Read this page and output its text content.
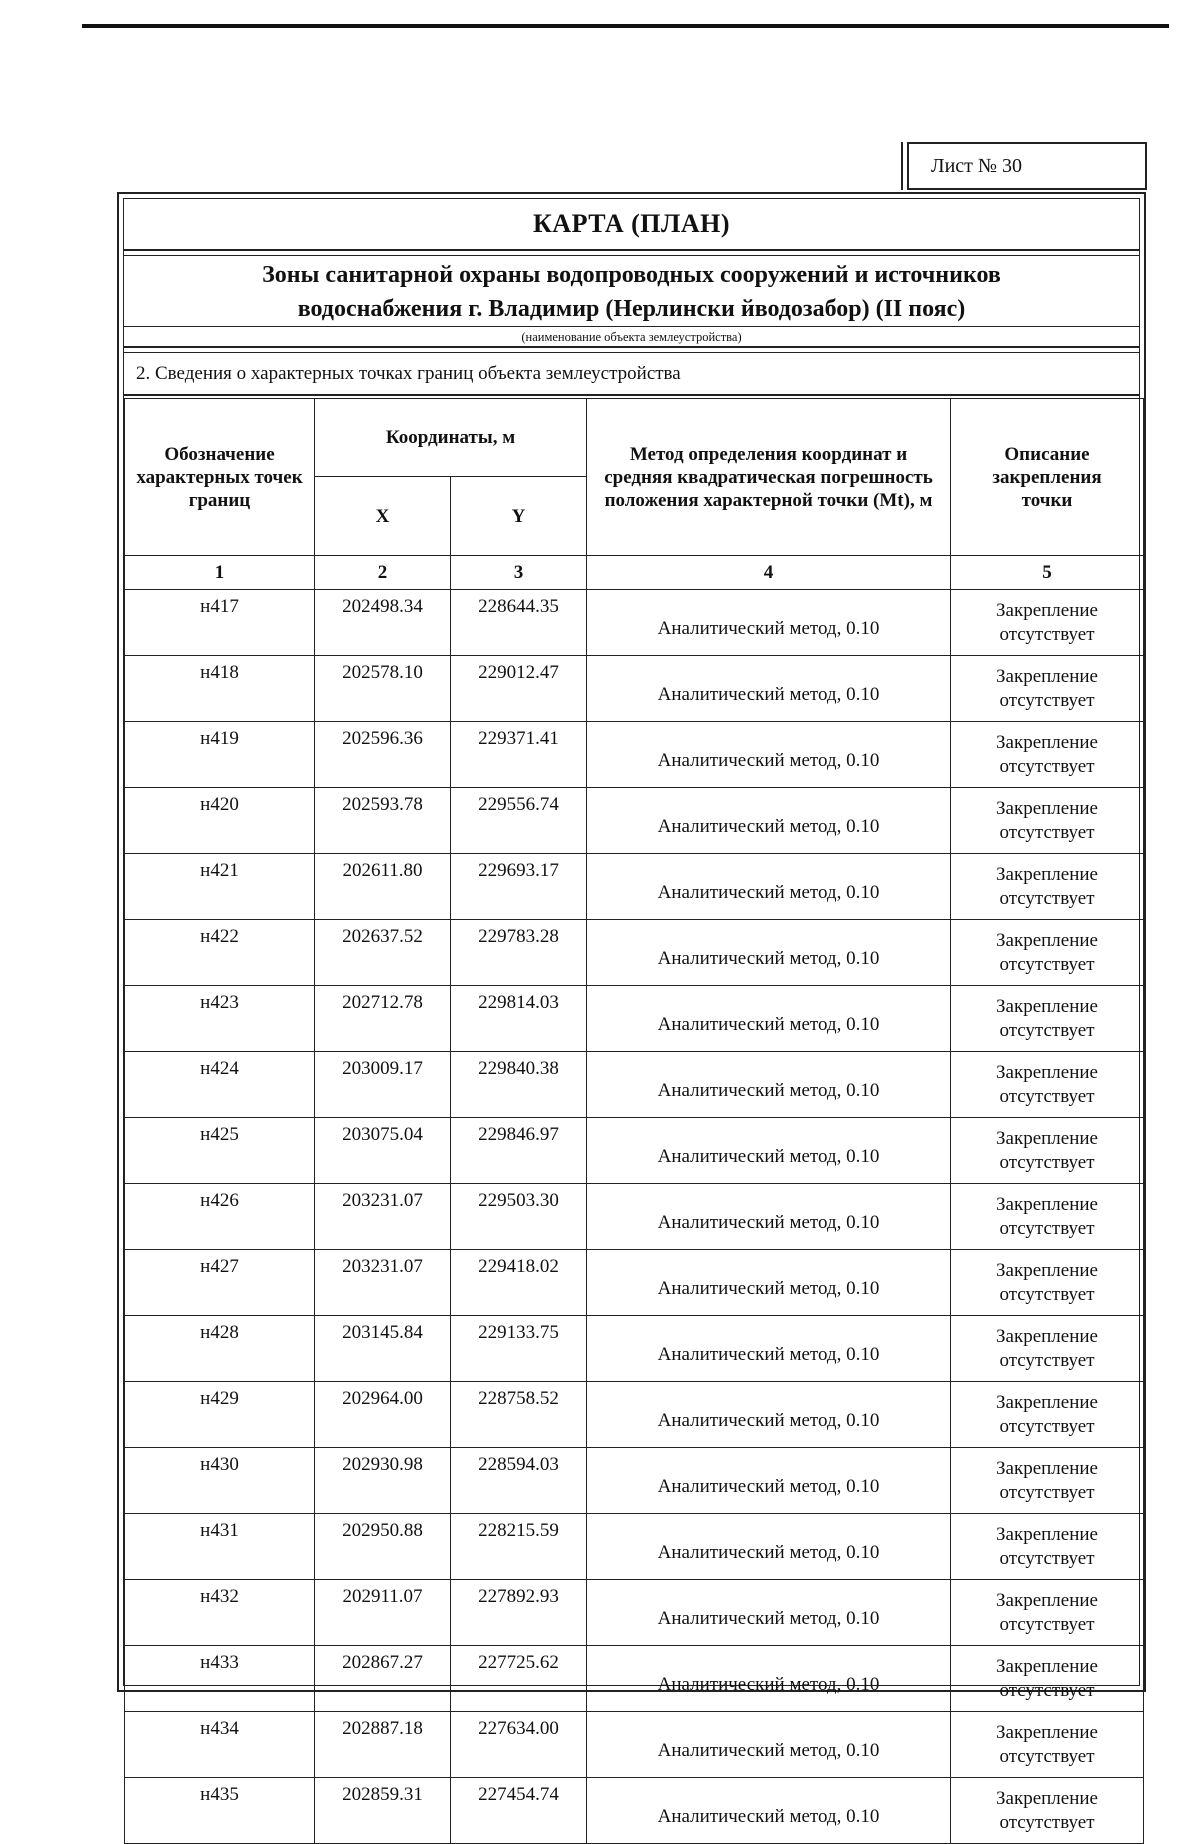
Лист № 30
КАРТА (ПЛАН)
Зоны санитарной охраны водопроводных сооружений и источников
водоснабжения г. Владимир (Нерлински йводозабор) (II пояс)
(наименование объекта землеустройства)
2. Сведения о характерных точках границ объекта землеустройства
Обозначение характерных точек границ	Координаты, м		Метод определения координат и средняя квадратическая погрешность положения характерной точки (Mt), м	Описание закрепления точки
	X	Y		
1	2	3	4	5
н417	202498.34	228644.35	Аналитический метод, 0.10	Закрепление отсутствует
н418	202578.10	229012.47	Аналитический метод, 0.10	Закрепление отсутствует
н419	202596.36	229371.41	Аналитический метод, 0.10	Закрепление отсутствует
н420	202593.78	229556.74	Аналитический метод, 0.10	Закрепление отсутствует
н421	202611.80	229693.17	Аналитический метод, 0.10	Закрепление отсутствует
н422	202637.52	229783.28	Аналитический метод, 0.10	Закрепление отсутствует
н423	202712.78	229814.03	Аналитический метод, 0.10	Закрепление отсутствует
н424	203009.17	229840.38	Аналитический метод, 0.10	Закрепление отсутствует
н425	203075.04	229846.97	Аналитический метод, 0.10	Закрепление отсутствует
н426	203231.07	229503.30	Аналитический метод, 0.10	Закрепление отсутствует
н427	203231.07	229418.02	Аналитический метод, 0.10	Закрепление отсутствует
н428	203145.84	229133.75	Аналитический метод, 0.10	Закрепление отсутствует
н429	202964.00	228758.52	Аналитический метод, 0.10	Закрепление отсутствует
н430	202930.98	228594.03	Аналитический метод, 0.10	Закрепление отсутствует
н431	202950.88	228215.59	Аналитический метод, 0.10	Закрепление отсутствует
н432	202911.07	227892.93	Аналитический метод, 0.10	Закрепление отсутствует
н433	202867.27	227725.62	Аналитический метод, 0.10	Закрепление отсутствует
н434	202887.18	227634.00	Аналитический метод, 0.10	Закрепление отсутствует
н435	202859.31	227454.74	Аналитический метод, 0.10	Закрепление отсутствует
